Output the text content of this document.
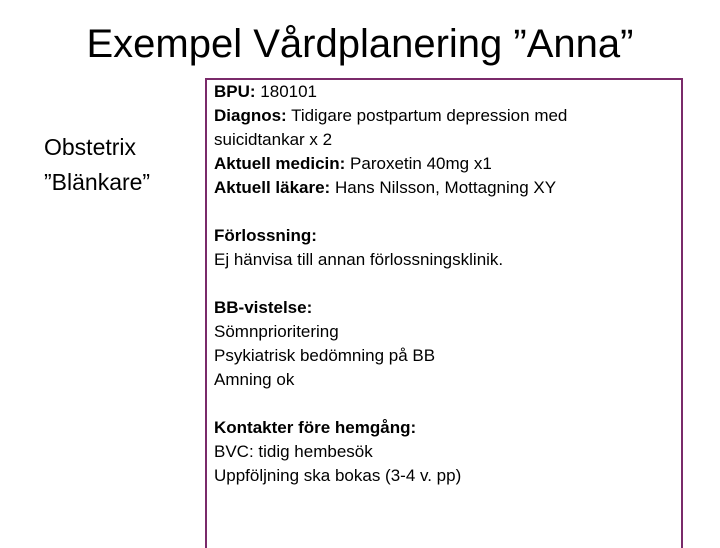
Exempel Vårdplanering ”Anna”
Obstetrix
”Blänkare”
BPU: 180101
Diagnos: Tidigare postpartum depression med
suicidtankar x 2
Aktuell medicin: Paroxetin 40mg x1
Aktuell läkare: Hans Nilsson, Mottagning XY
Förlossning:
Ej hänvisa till annan förlossningsklinik.
BB-vistelse:
Sömnprioritering
Psykiatrisk bedömning på BB
Amning ok
Kontakter före hemgång:
BVC: tidig hembesök
Uppföljning ska bokas (3-4 v. pp)
